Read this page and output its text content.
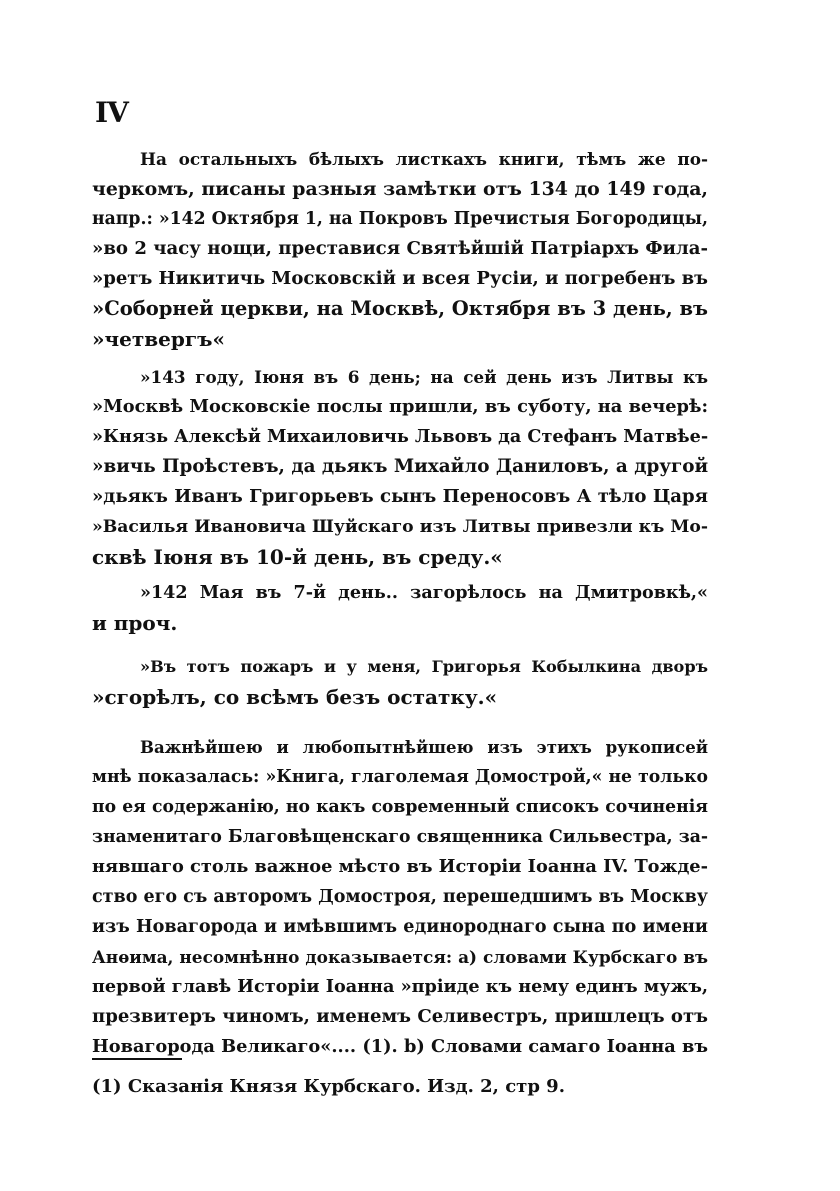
IV
На остальныхъ бѣлыхъ листкахъ книги, тѣмъ же по-
черкомъ, писаны разныя замѣтки отъ 134 до 149 года,
напр.: »142 Октября 1, на Покровъ Пречистыя Богородицы,
»во 2 часу нощи, преставися Святѣйшій Патріархъ Фила-
»ретъ Никитичь Московскій и всея Русіи, и погребенъ въ
»Соборней церкви, на Москвѣ, Октября въ 3 день, въ
»четвергъ«
»143 году, Іюня въ 6 день; на сей день изъ Литвы къ
»Москвѣ Московскіе послы пришли, въ суботу, на вечерѣ:
»Князь Алексѣй Михаиловичь Львовъ да Стефанъ Матвѣе-
»вичь Проѣстевъ, да дьякъ Михайло Даниловъ, а другой
»дьякъ Иванъ Григорьевъ сынъ Переносовъ А тѣло Царя
»Василья Ивановича Шуйскаго изъ Литвы привезли къ Мо-
сквѣ Іюня въ 10-й день, въ среду.«
»142 Мая въ 7-й день.. загорѣлось на Дмитровкѣ,«
и проч.
»Въ тотъ пожаръ и у меня, Григорья Кобылкина дворъ
»сгорѣлъ, со всѣмъ безъ остатку.«
Важнѣйшею и любопытнѣйшею изъ этихъ рукописей
мнѣ показалась: »Книга, глаголемая Домострой,« не только
по ея содержанію, но какъ современный списокъ сочиненія
знаменитаго Благовѣщенскаго священника Сильвестра, за-
нявшаго столь важное мѣсто въ Исторіи Іоанна IV. Тожде-
ство его съ авторомъ Домостроя, перешедшимъ въ Москву
изъ Новагорода и имѣвшимъ единороднаго сына по имени
Анѳима, несомнѣнно доказывается: а) словами Курбскаго въ
первой главѣ Исторіи Іоанна »пріиде къ нему единъ мужъ,
презвитеръ чиномъ, именемъ Селивестръ, пришлецъ отъ
Новагорода Великаго«.... (1). b) Словами самаго Іоанна въ
(1) Сказанія Князя Курбскаго. Изд. 2, стр 9.
